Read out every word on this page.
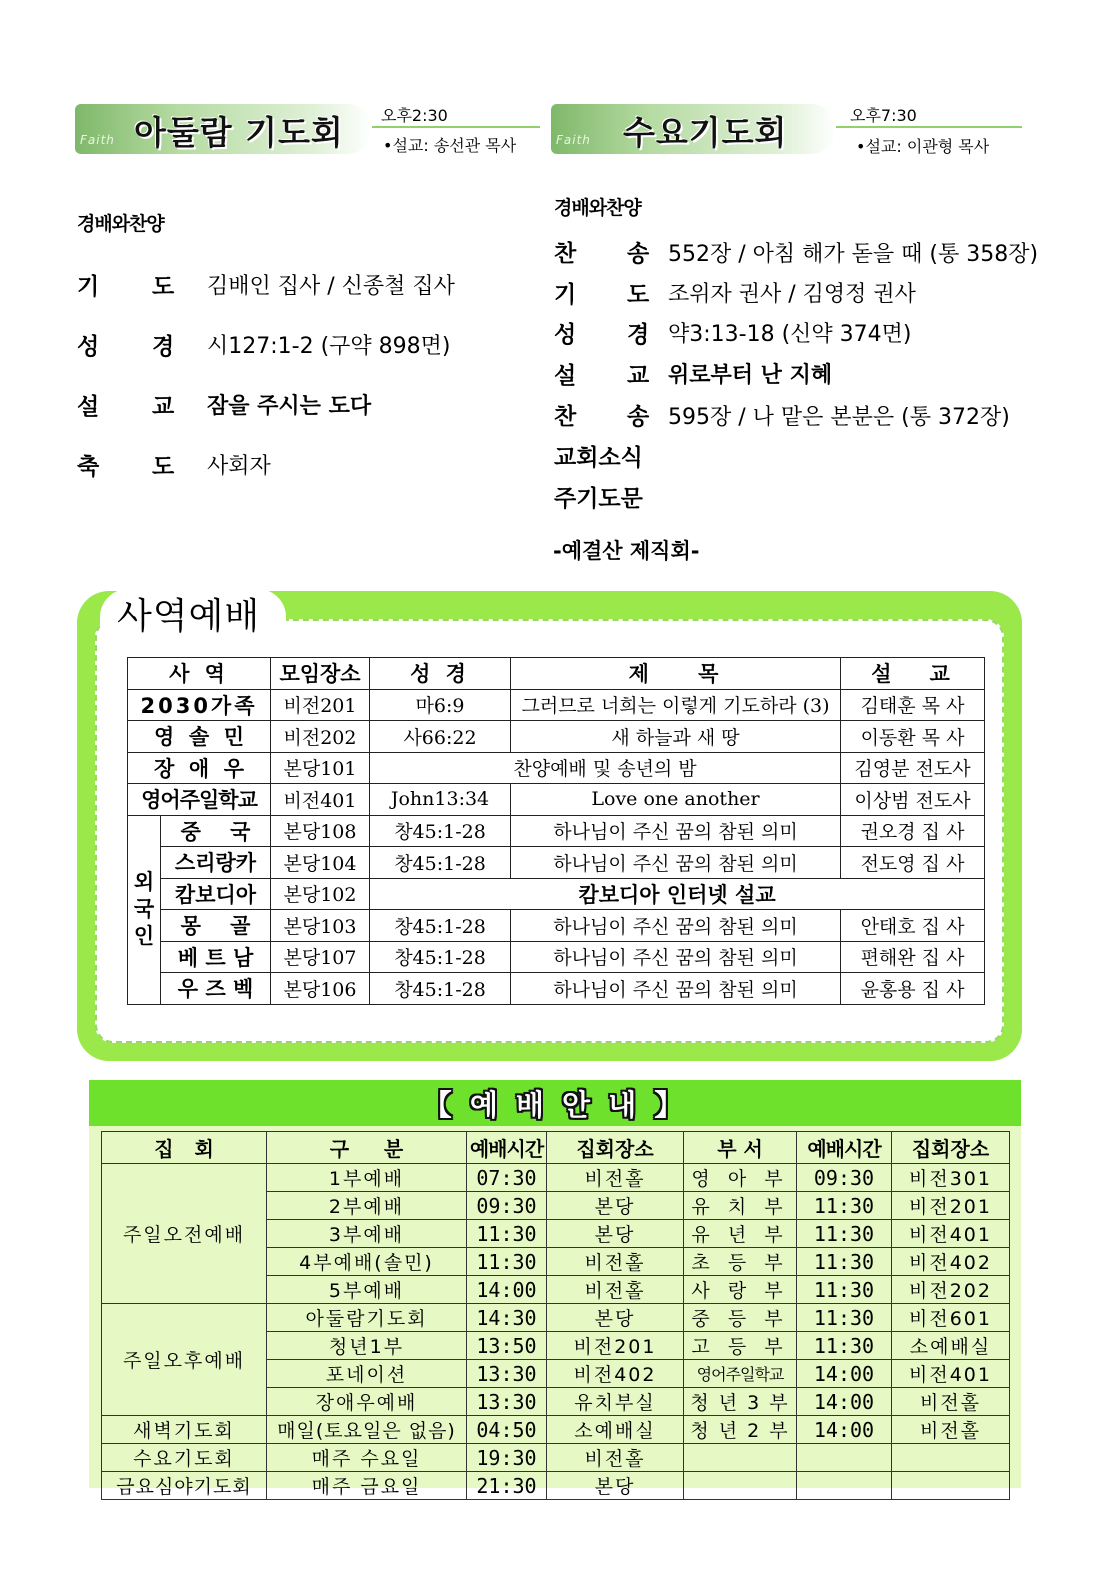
Faith 아둘람 기도회 오후2:30
•설교: 송선관 목사	Faith 수요기도회	오후7:30
•설교: 이관형 목사
경배와찬양
기 도 김배인 집사 / 신종철 집사
성 경 시127:1-2 (구약 898면)
설 교 잠을 주시는 도다
축 도 사회자
경배와찬양
찬 송 552장 / 아침 해가 돋을 때 (통 358장)
기 도 조위자 권사 / 김영정 권사
성 경 약3:13-18 (신약 374면)
설 교 위로부터 난 지혜
찬 송 595장 / 나 맡은 본분은 (통 372장)
교회소식
주기도문
-예결산 제직회-
사역예배
사 역		모임장소	성 경	제    목	설   교
2030가족		비전201	마6:9	그러므로 너희는 이렇게 기도하라 (3)	김태훈 목 사
영  솔  민		비전202	사66:22	새 하늘과 새 땅	이동환 목 사
장  애  우		본당101	찬양예배 및 송년의 밤		김영분 전도사
영어주일학교		비전401	John13:34	Love one another	이상범 전도사
외
국
인	중    국	본당108	창45:1-28	하나님이 주신 꿈의 참된 의미	권오경 집 사
	스리랑카	본당104	창45:1-28	하나님이 주신 꿈의 참된 의미	전도영 집 사
	캄보디아	본당102	캄보디아 인터넷 설교		
	몽    골	본당103	창45:1-28	하나님이 주신 꿈의 참된 의미	안태호 집 사
	베 트 남	본당107	창45:1-28	하나님이 주신 꿈의 참된 의미	편해완 집 사
	우 즈 벡	본당106	창45:1-28	하나님이 주신 꿈의 참된 의미	윤홍용 집 사
【 예 배 안 내 】
집   회	구     분	예배시간	집회장소	부 서	예배시간	집회장소
주일오전예배	1부예배	07:30	비전홀	영 아 부	09:30	비전301
	2부예배	09:30	본당	유 치 부	11:30	비전201
	3부예배	11:30	본당	유 년 부	11:30	비전401
	4부예배(솔민)	11:30	비전홀	초 등 부	11:30	비전402
	5부예배	14:00	비전홀	사 랑 부	11:30	비전202
주일오후예배	아둘람기도회	14:30	본당	중 등 부	11:30	비전601
	청년1부	13:50	비전201	고 등 부	11:30	소예배실
	포네이션	13:30	비전402	영어주일학교	14:00	비전401
	장애우예배	13:30	유치부실	청 년 3 부	14:00	비전홀
새벽기도회	매일(토요일은 없음)	04:50	소예배실	청 년 2 부	14:00	비전홀
수요기도회	매주 수요일	19:30	비전홀			
금요심야기도회	매주 금요일	21:30	본당			
